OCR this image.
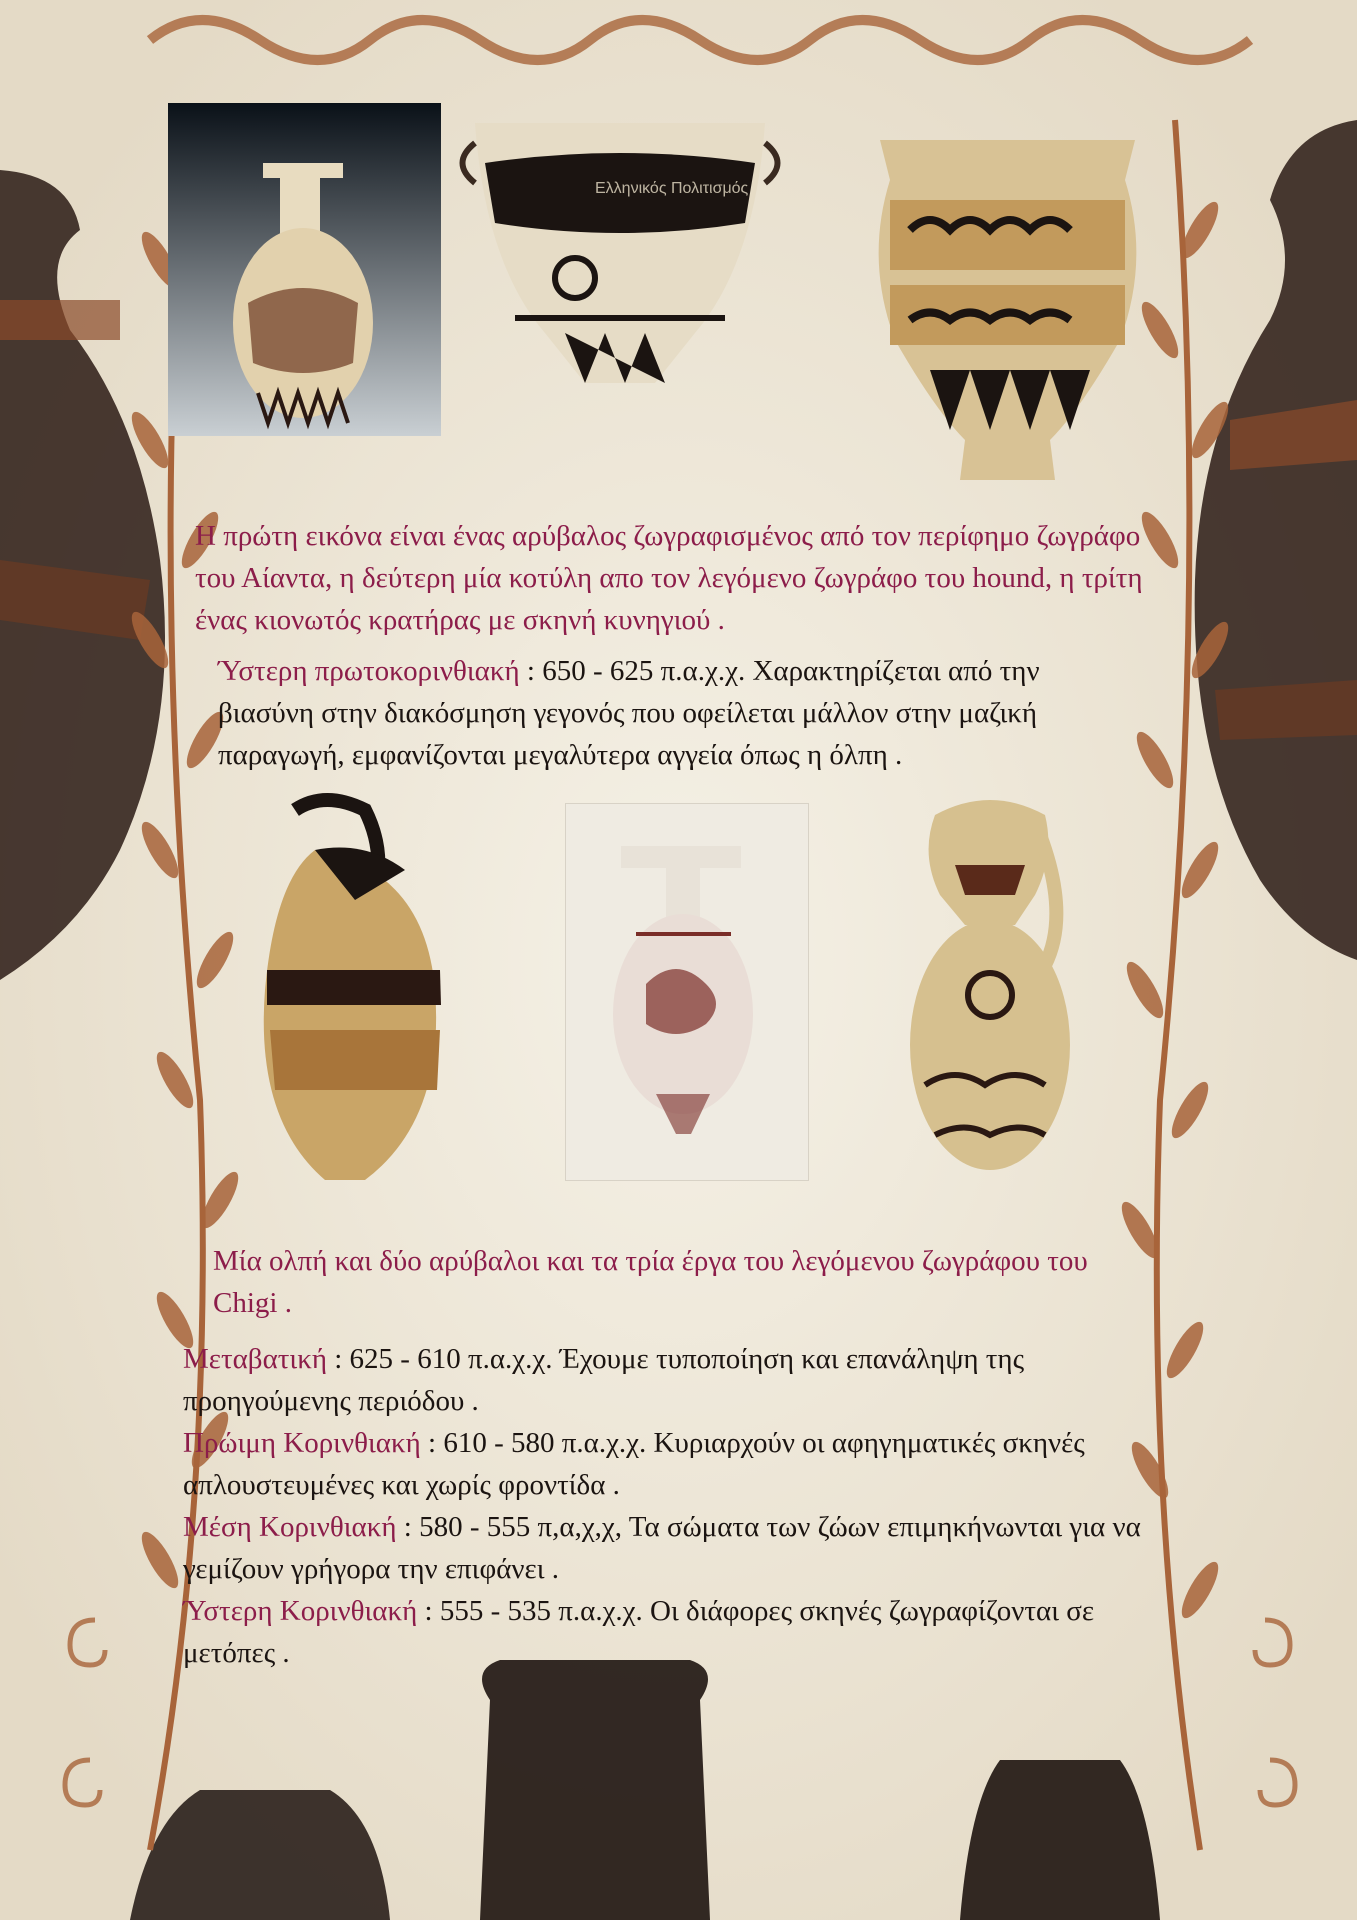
Ελληνικός Πολιτισμός

Η πρώτη εικόνα είναι ένας αρύβαλος ζωγραφισμένος από τον περίφημο ζωγράφο του Αίαντα, η δεύτερη μία κοτύλη απο τον λεγόμενο ζωγράφο του hound, η τρίτη ένας κιονωτός κρατήρας με σκηνή κυνηγιού .

Ύστερη πρωτοκορινθιακή : 650 - 625 π.α.χ.χ. Χαρακτηρίζεται από την βιασύνη στην διακόσμηση γεγονός που οφείλεται μάλλον στην μαζική παραγωγή, εμφανίζονται μεγαλύτερα αγγεία όπως η όλπη .

Μία ολπή και δύο αρύβαλοι και τα τρία έργα του λεγόμενου ζωγράφου του Chigi .

Μεταβατική : 625 - 610 π.α.χ.χ. Έχουμε τυποποίηση και επανάληψη της προηγούμενης περιόδου .

Πρώιμη Κορινθιακή : 610 - 580 π.α.χ.χ. Κυριαρχούν οι αφηγηματικές σκηνές απλουστευμένες και χωρίς φροντίδα .

Μέση Κορινθιακή : 580 - 555 π,α,χ,χ, Τα σώματα των ζώων επιμηκήνωνται για να γεμίζουν γρήγορα την επιφάνει .

Ύστερη Κορινθιακή : 555 - 535 π.α.χ.χ. Οι διάφορες σκηνές ζωγραφίζονται σε μετόπες .
